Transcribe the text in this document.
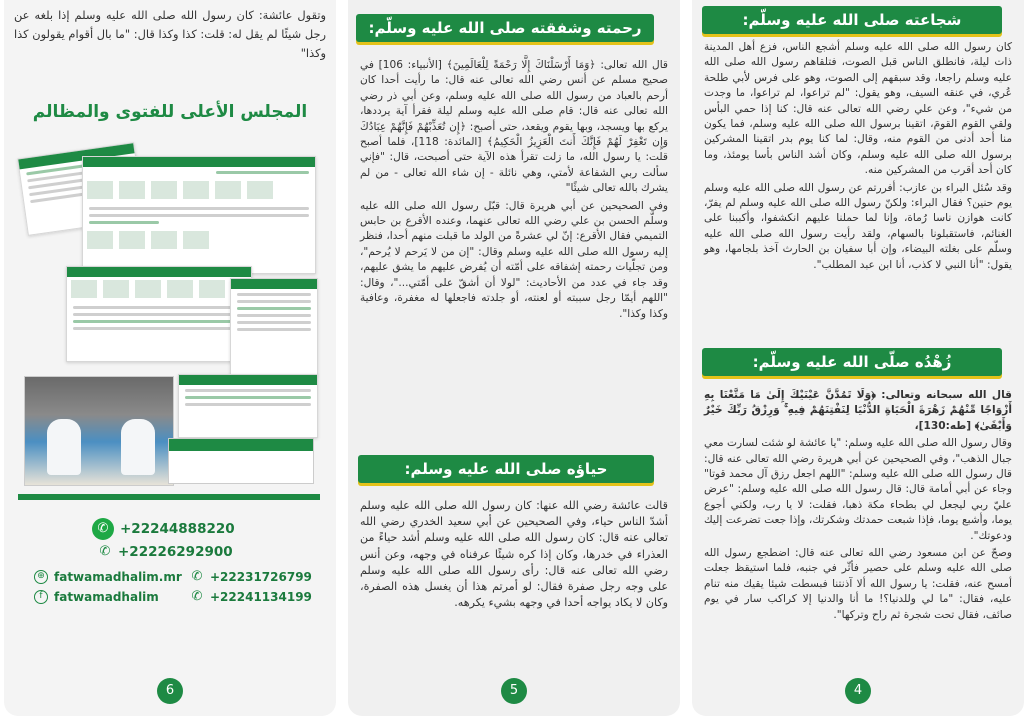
وتقول عائشة: كان رسول الله صلى الله عليه وسلم إذا بلغه عن رجل شيئًا لم يقل له: قلت: كذا وكذا قال: "ما بال أقوام يقولون كذا وكذا"
المجلس الأعلى للفتوى والمظالم
✆ +22244888220
✆ +22226292900
✆ +22231726799
✆ +22241134199
⊕ fatwamadhalim.mr
f fatwamadhalim
6
رحمته وشفقته صلى الله عليه وسلّم:

قال الله تعالى: ﴿وَمَا أَرْسَلْنَاكَ إِلَّا رَحْمَةً لِلْعَالَمِينَ﴾ [الأنبياء: 106] في صحيح مسلم عن أنس رضي الله تعالى عنه قال: ما رأيت أحدا كان أرحم بالعباد من رسول الله صلى الله عليه وسلم، وعن أبي ذر رضي الله تعالى عنه قال: قام صلى الله عليه وسلم ليلة فقرأ آية يرددها، يركع بها ويسجد، وبها يقوم ويقعد، حتى أصبح: ﴿إِن تُعَذِّبْهُمْ فَإِنَّهُمْ عِبَادُكَ وَإِن تَغْفِرْ لَهُمْ فَإِنَّكَ أَنتَ الْعَزِيزُ الْحَكِيمُ﴾ [المائدة: 118]، فلما أصبح قلت: يا رسول الله، ما زلت تقرأ هذه الآية حتى أصبحت، قال: "فإني سألت ربي الشفاعة لأمتي، وهي نائلة - إن شاء الله تعالى - من لم يشرك بالله تعالى شيئًا"

وفي الصحيحين عن أبي هريرة قال: قبّل رسول الله صلى الله عليه وسلّم الحسن بن علي رضي الله تعالى عنهما، وعنده الأقرع بن حابس التميمي فقال الأقرع: إنّ لي عشرةً من الولد ما قبلت منهم أحدا، فنظر إليه رسول الله صلى الله عليه وسلم وقال: "إن من لا يَرحم لا يُرحم"، ومن تجلّيات رحمته إشفاقه على أمّته أن يُفرض عليهم ما يشق عليهم، وقد جاء في عدد من الأحاديث: "لولا أن أشقّ على أمّتي..."، وقال: "اللهم أيمّا رجل سببته أو لعنته، أو جلدته فاجعلها له مغفرة، وعافية وكذا وكذا".

حياؤه صلى الله عليه وسلم:
قالت عائشة رضي الله عنها: كان رسول الله صلى الله عليه وسلم أشدّ الناس حياء، وفي الصحيحين عن أبي سعيد الخدري رضي الله تعالى عنه قال: كان رسول الله صلى الله عليه وسلم أشد حياءً من العذراء في خدرها، وكان إذا كره شيئًا عرفناه في وجهه، وعن أنس رضي الله تعالى عنه قال: رأى رسول الله صلى الله عليه وسلم على وجه رجل صفرة فقال: لو أمرتم هذا أن يغسل هذه الصفرة، وكان لا يكاد يواجه أحدا في وجهه بشيء يكرهه.
5
شجاعته صلى الله عليه وسلّم:

كان رسول الله صلى الله عليه وسلم أشجع الناس، فزع أهل المدينة ذات ليلة، فانطلق الناس قبل الصوت، فتلقاهم رسول الله صلى الله عليه وسلم راجعا، وقد سبقهم إلى الصوت، وهو على فرس لأبي طلحة عُري، في عنقه السيف، وهو يقول: "لم تراعوا، لم تراعوا، ما وجدت من شيء"، وعن علي رضي الله تعالى عنه قال: كنا إذا حمي البأس ولقي القوم القومَ، اتقينا برسول الله صلى الله عليه وسلم، فما يكون منا أحد أدنى من القوم منه، وقال: لما كنا يوم بدر اتقينا المشركين برسول الله صلى الله عليه وسلم، وكان أشد الناس بأسا يومئذ، وما كان أحد أقرب من المشركين منه.

وقد سُئل البراء بن عازب: أفررتم عن رسول الله صلى الله عليه وسلم يوم حنين؟ فقال البراء: ولكنّ رسول الله صلى الله عليه وسلم لم يفرّ، كانت هوازن ناسا رُماة، وإنا لما حملنا عليهم انكشفوا، وأكببنا على الغنائم، فاستقبلونا بالسهام، ولقد رأيت رسول الله صلى الله عليه وسلّم على بغلته البيضاء، وإن أبا سفيان بن الحارث آخذ بلجامها، وهو يقول: "أنا النبي لا كذب، أنا ابن عبد المطلب".

زُهْدُه صلّى الله عليه وسلّم:

قال الله سبحانه وتعالى: ﴿وَلَا تَمُدَّنَّ عَيْنَيْكَ إِلَىٰ مَا مَتَّعْنَا بِهِ أَزْوَاجًا مِّنْهُمْ زَهْرَةَ الْحَيَاةِ الدُّنْيَا لِنَفْتِنَهُمْ فِيهِ ۚ وَرِزْقُ رَبِّكَ خَيْرٌ وَأَبْقَىٰ﴾ [طه:130]،

وقال رسول الله صلى الله عليه وسلم: "يا عائشة لو شئت لسارت معي جبال الذهب"، وفي الصحيحين عن أبي هريرة رضي الله تعالى عنه قال: قال رسول الله صلى الله عليه وسلم: "اللهم اجعل رزق آل محمد قوتا" وجاء عن أبي أمامة قال: قال رسول الله صلى الله عليه وسلم: "عرض عليّ ربي ليجعل لي بطحاء مكة ذهبا، فقلت: لا يا رب، ولكني أجوع يوما، وأشبع يوما، فإذا شبعت حمدتك وشكرتك، وإذا جعت تضرعت إليك ودعوتك".

وصحّ عن ابن مسعود رضي الله تعالى عنه قال: اضطجع رسول الله صلى الله عليه وسلم على حصير فأثّر في جنبه، فلما استيقظ جعلت أمسح عنه، فقلت: يا رسول الله ألا آذنتنا فبسطت شيئا يقيك منه تنام عليه، فقال: "ما لي وللدنيا؟! ما أنا والدنيا إلا كراكب سار في يوم صائف، فقال تحت شجرة ثم راح وتركها".

4
